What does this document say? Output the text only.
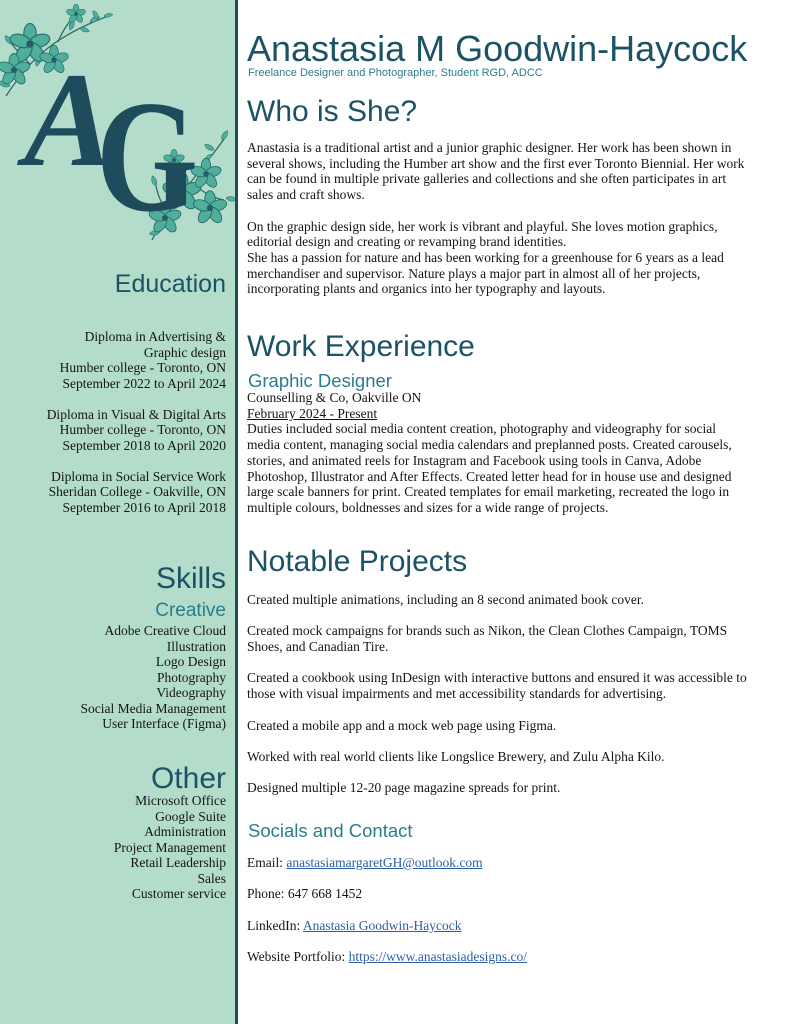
A
G
Anastasia M Goodwin-Haycock
Freelance Designer and Photographer, Student RGD, ADCC
Who is She?

Anastasia is a traditional artist and a junior graphic designer. Her work has been shown in several shows, including the Humber art show and the first ever Toronto Biennial. Her work can be found in multiple private galleries and collections and she often participates in art sales and craft shows.

On the graphic design side, her work is vibrant and playful. She loves motion graphics, editorial design and creating or revamping brand identities.

She has a passion for nature and has been working for a greenhouse for 6 years as a lead merchandiser and supervisor. Nature plays a major part in almost all of her projects, incorporating plants and organics into her typography and layouts.

Work Experience
Graphic Designer

Counselling & Co, Oakville ON

February 2024 - Present

Duties included social media content creation, photography and videography for social media content, managing social media calendars and preplanned posts. Created carousels, stories, and animated reels for Instagram and Facebook using tools in Canva, Adobe Photoshop, Illustrator and After Effects. Created letter head for in house use and designed large scale banners for print. Created templates for email marketing, recreated the logo in multiple colours, boldnesses and sizes for a wide range of projects.

Notable Projects

Created multiple animations, including an 8 second animated book cover.

Created mock campaigns for brands such as Nikon, the Clean Clothes Campaign, TOMS Shoes, and Canadian Tire.

Created a cookbook using InDesign with interactive buttons and ensured it was accessible to those with visual impairments and met accessibility standards for advertising.

Created a mobile app and a mock web page using Figma.

Worked with real world clients like Longslice Brewery, and Zulu Alpha Kilo.

Designed multiple 12-20 page magazine spreads for print.

Socials and Contact

Email: anastasiamargaretGH@outlook.com

Phone: 647 668 1452

LinkedIn: Anastasia Goodwin-Haycock

Website Portfolio: https://www.anastasiadesigns.co/

Education

Diploma in Advertising & Graphic design

Humber college - Toronto, ON

September 2022 to April 2024

Diploma in Visual & Digital Arts

Humber college - Toronto, ON

September 2018 to April 2020

Diploma in Social Service Work

Sheridan College - Oakville, ON

September 2016 to April 2018

Skills
Creative

Adobe Creative Cloud

Illustration

Logo Design

Photography

Videography

Social Media Management

User Interface (Figma)

Other

Microsoft Office

Google Suite

Administration

Project Management

Retail Leadership

Sales

Customer service
